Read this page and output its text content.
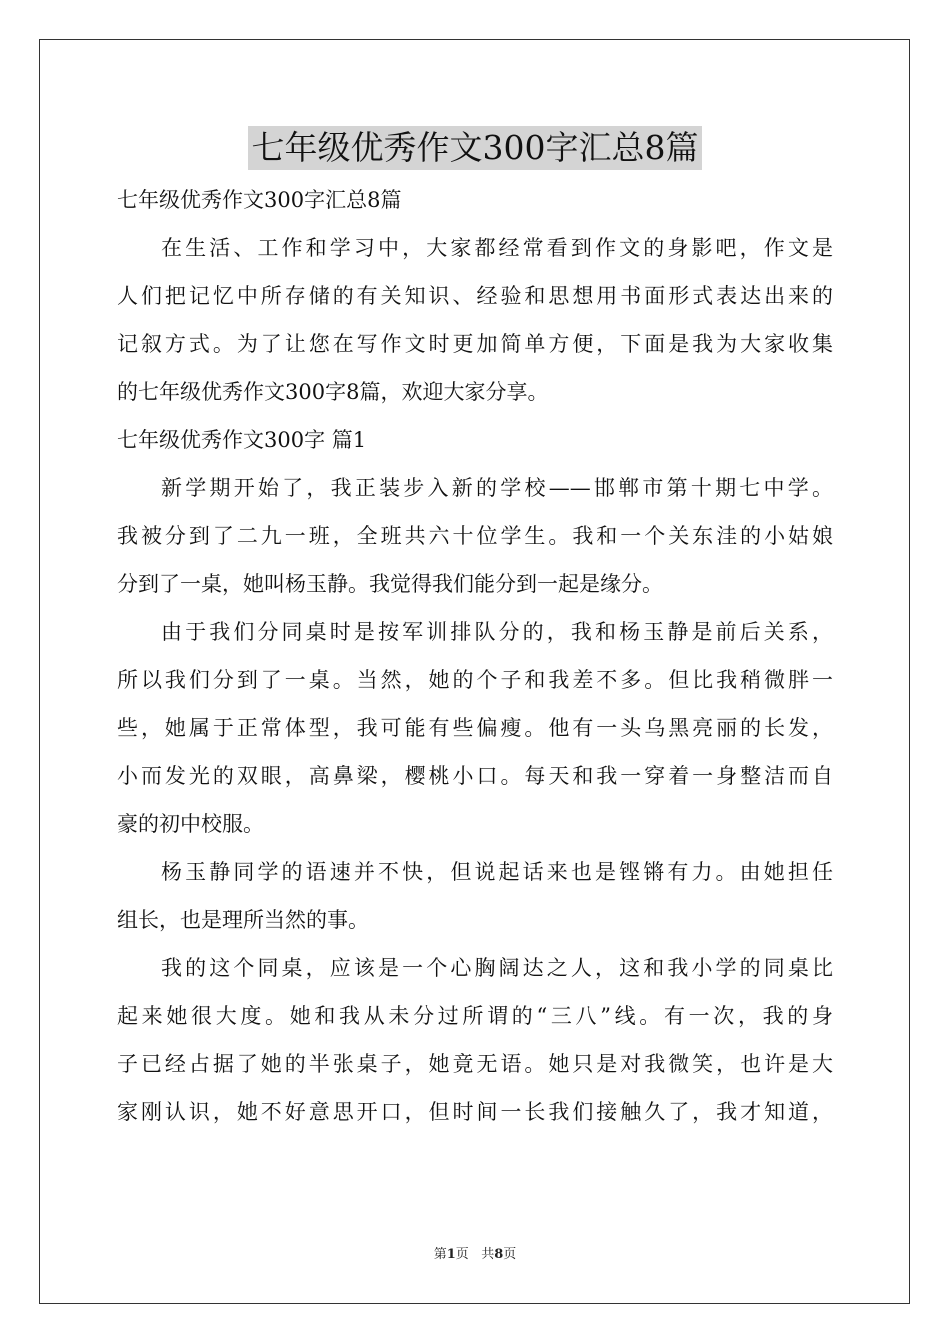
七年级优秀作文300字汇总8篇
七年级优秀作文300字汇总8篇
在生活、工作和学习中，大家都经常看到作文的身影吧，作文是
人们把记忆中所存储的有关知识、经验和思想用书面形式表达出来的
记叙方式。为了让您在写作文时更加简单方便，下面是我为大家收集
的七年级优秀作文300字8篇，欢迎大家分享。
七年级优秀作文300字 篇1
新学期开始了，我正装步入新的学校——邯郸市第十期七中学。
我被分到了二九一班，全班共六十位学生。我和一个关东洼的小姑娘
分到了一桌，她叫杨玉静。我觉得我们能分到一起是缘分。
由于我们分同桌时是按军训排队分的，我和杨玉静是前后关系，
所以我们分到了一桌。当然，她的个子和我差不多。但比我稍微胖一
些，她属于正常体型，我可能有些偏瘦。他有一头乌黑亮丽的长发，
小而发光的双眼，高鼻梁，樱桃小口。每天和我一穿着一身整洁而自
豪的初中校服。
杨玉静同学的语速并不快，但说起话来也是铿锵有力。由她担任
组长，也是理所当然的事。
我的这个同桌，应该是一个心胸阔达之人，这和我小学的同桌比
起来她很大度。她和我从未分过所谓的“三八”线。有一次，我的身
子已经占据了她的半张桌子，她竟无语。她只是对我微笑，也许是大
家刚认识，她不好意思开口，但时间一长我们接触久了，我才知道，
第1页 共8页
